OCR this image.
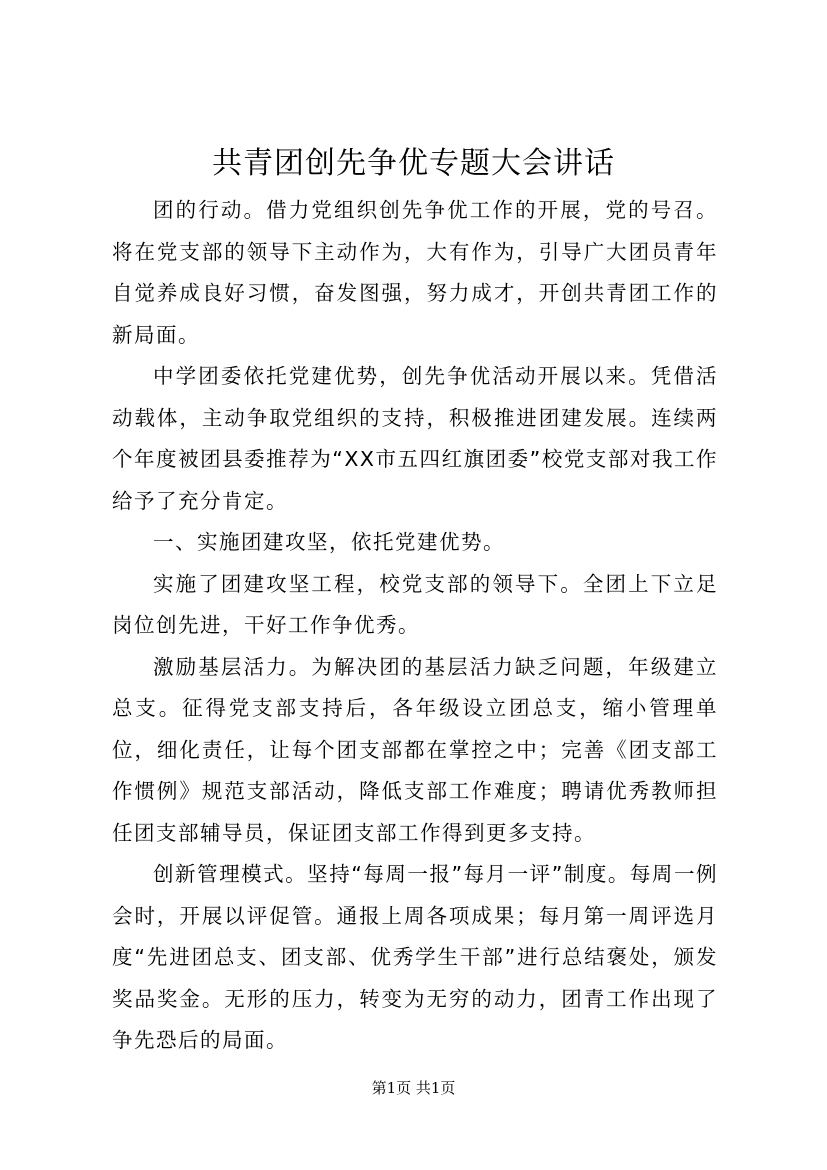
共青团创先争优专题大会讲话

团的行动。借力党组织创先争优工作的开展，党的号召。将在党支部的领导下主动作为，大有作为，引导广大团员青年自觉养成良好习惯，奋发图强，努力成才，开创共青团工作的新局面。

中学团委依托党建优势，创先争优活动开展以来。凭借活动载体，主动争取党组织的支持，积极推进团建发展。连续两个年度被团县委推荐为“XX市五四红旗团委”校党支部对我工作给予了充分肯定。

一、实施团建攻坚，依托党建优势。

实施了团建攻坚工程，校党支部的领导下。全团上下立足岗位创先进，干好工作争优秀。

激励基层活力。为解决团的基层活力缺乏问题，年级建立总支。征得党支部支持后，各年级设立团总支，缩小管理单位，细化责任，让每个团支部都在掌控之中；完善《团支部工作惯例》规范支部活动，降低支部工作难度；聘请优秀教师担任团支部辅导员，保证团支部工作得到更多支持。

创新管理模式。坚持“每周一报”每月一评”制度。每周一例会时，开展以评促管。通报上周各项成果；每月第一周评选月度“先进团总支、团支部、优秀学生干部”进行总结褒处，颁发奖品奖金。无形的压力，转变为无穷的动力，团青工作出现了争先恐后的局面。

第1页 共1页
